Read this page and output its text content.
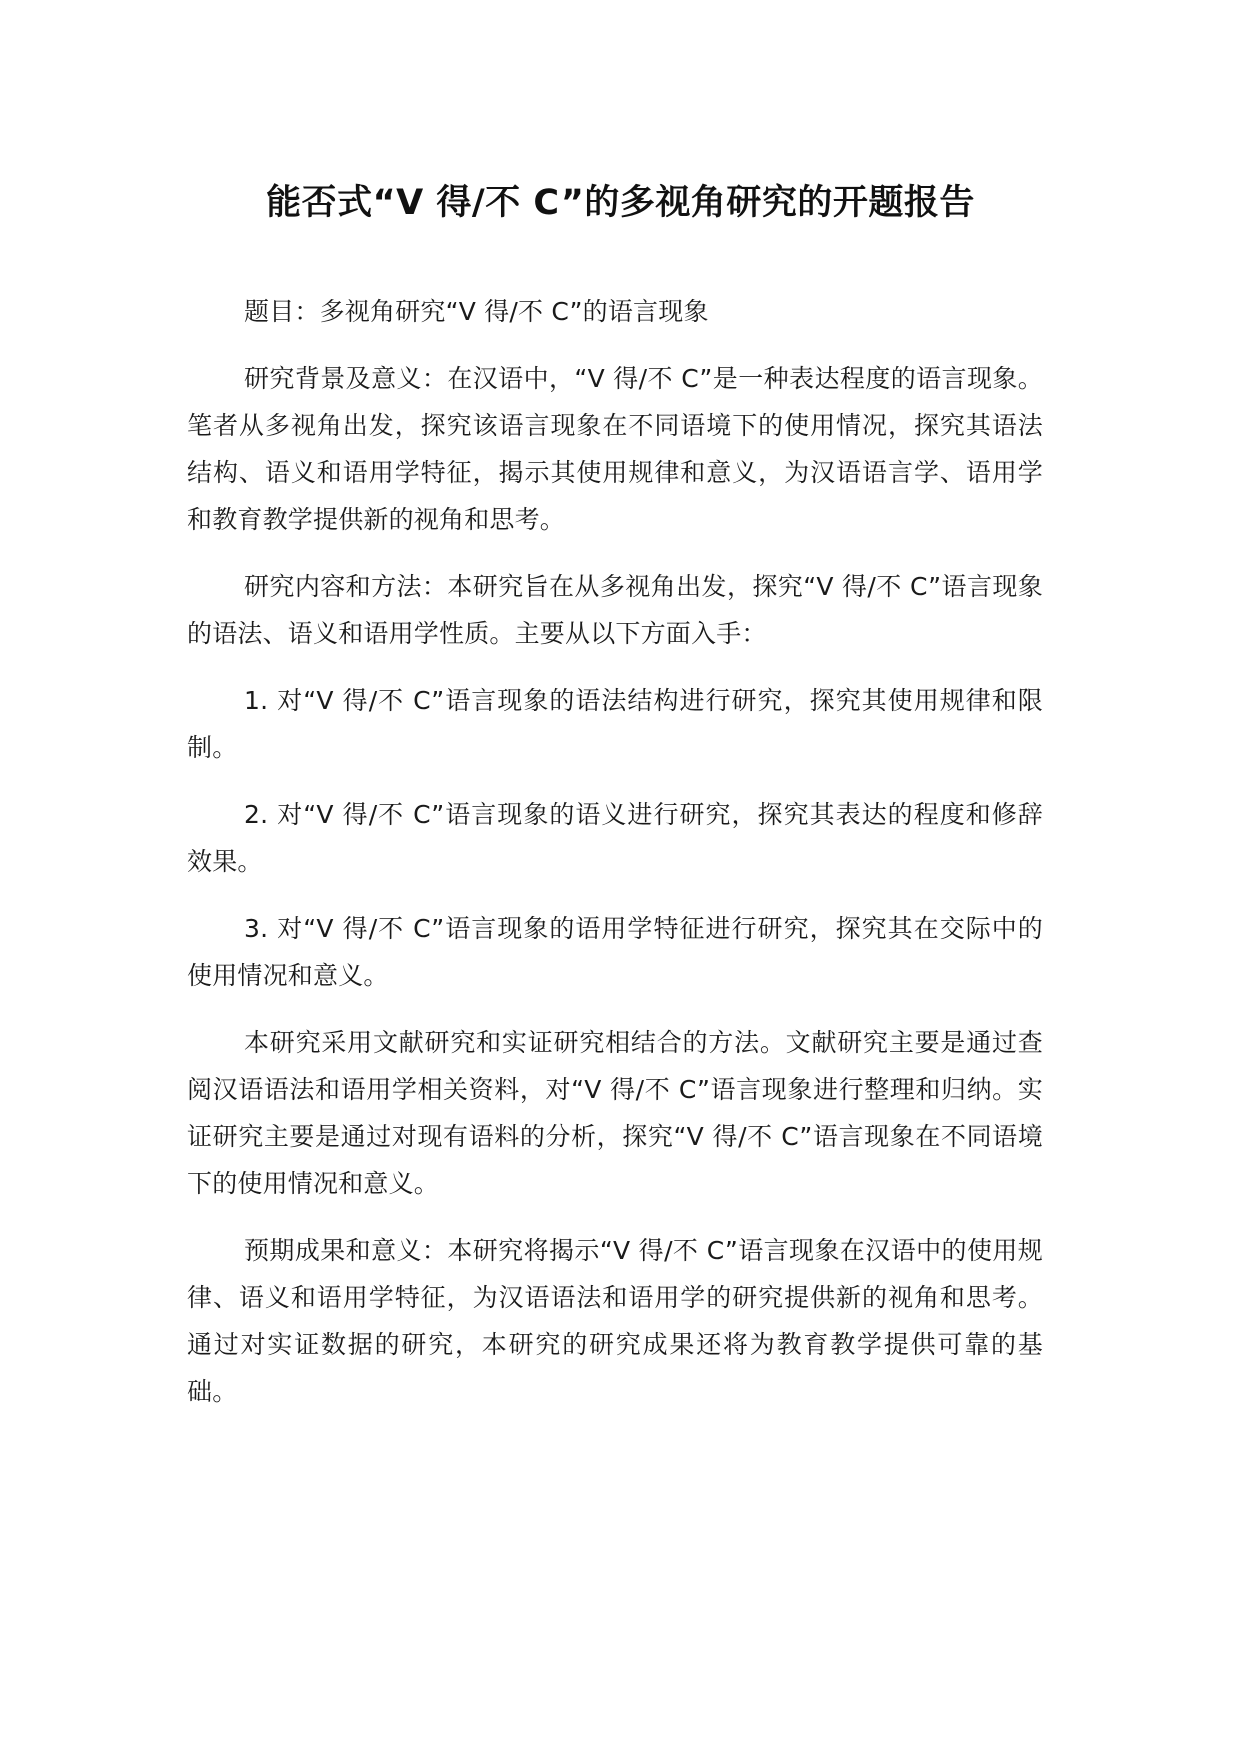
能否式“V 得/不 C”的多视角研究的开题报告

题目：多视角研究“V 得/不 C”的语言现象

研究背景及意义：在汉语中，“V 得/不 C”是一种表达程度的语言现象。笔者从多视角出发，探究该语言现象在不同语境下的使用情况，探究其语法结构、语义和语用学特征，揭示其使用规律和意义，为汉语语言学、语用学和教育教学提供新的视角和思考。

研究内容和方法：本研究旨在从多视角出发，探究“V 得/不 C”语言现象的语法、语义和语用学性质。主要从以下方面入手：

1. 对“V 得/不 C”语言现象的语法结构进行研究，探究其使用规律和限制。

2. 对“V 得/不 C”语言现象的语义进行研究，探究其表达的程度和修辞效果。

3. 对“V 得/不 C”语言现象的语用学特征进行研究，探究其在交际中的使用情况和意义。

本研究采用文献研究和实证研究相结合的方法。文献研究主要是通过查阅汉语语法和语用学相关资料，对“V 得/不 C”语言现象进行整理和归纳。实证研究主要是通过对现有语料的分析，探究“V 得/不 C”语言现象在不同语境下的使用情况和意义。

预期成果和意义：本研究将揭示“V 得/不 C”语言现象在汉语中的使用规律、语义和语用学特征，为汉语语法和语用学的研究提供新的视角和思考。通过对实证数据的研究，本研究的研究成果还将为教育教学提供可靠的基础。
